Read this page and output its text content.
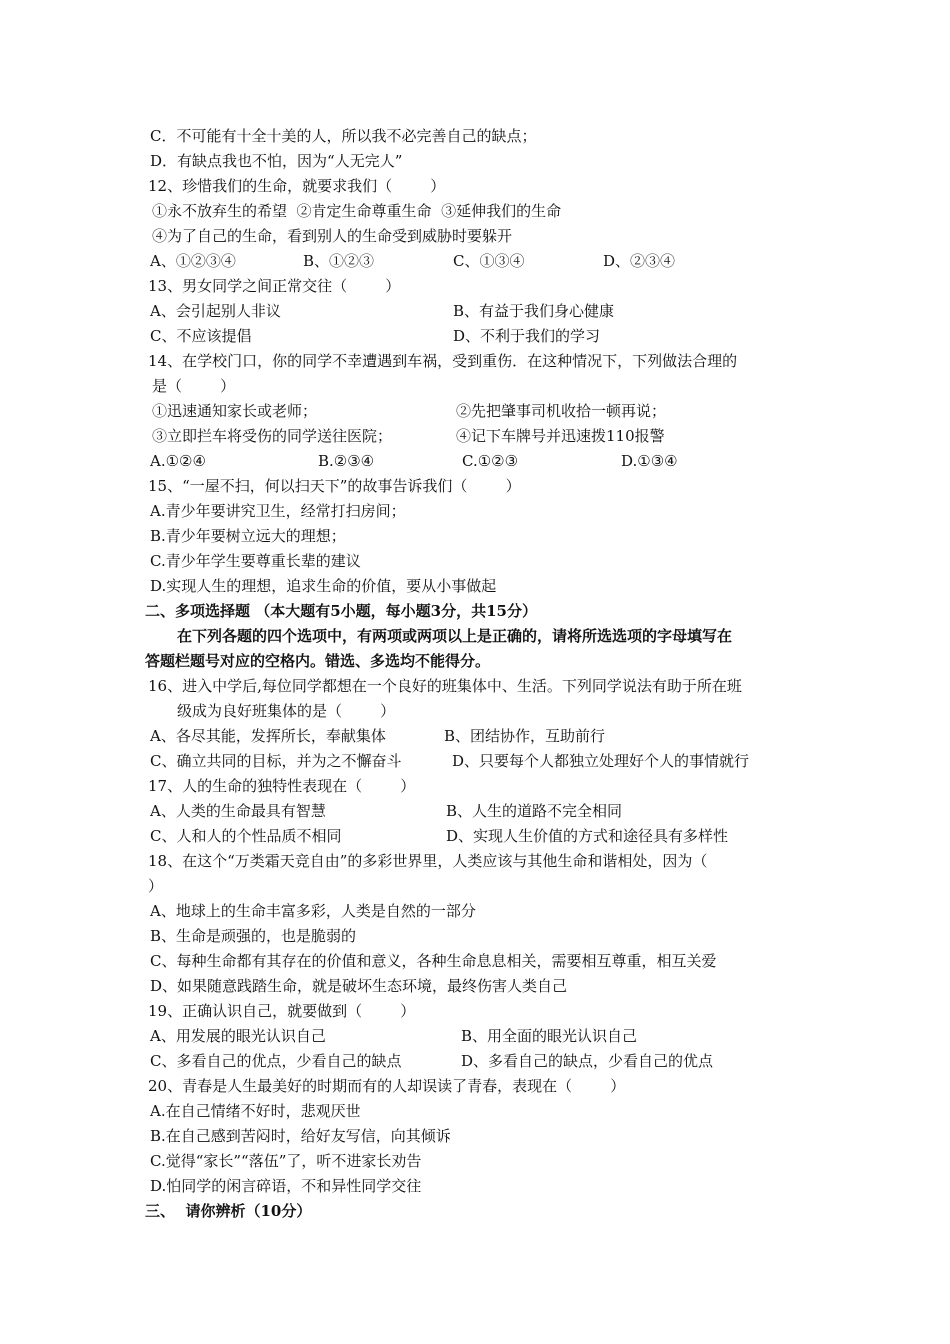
C．不可能有十全十美的人，所以我不必完善自己的缺点；
D．有缺点我也不怕，因为“人无完人”
12、珍惜我们的生命，就要求我们（        ）
①永不放弃生的希望  ②肯定生命尊重生命  ③延伸我们的生命
④为了自己的生命，看到别人的生命受到威胁时要躲开
A、①②③④	B、①②③	C、①③④	D、②③④
13、男女同学之间正常交往（        ）
A、会引起别人非议	B、有益于我们身心健康
C、不应该提倡	D、不利于我们的学习
14、在学校门口，你的同学不幸遭遇到车祸，受到重伤．在这种情况下，下列做法合理的
是（        ）
①迅速通知家长或老师；	②先把肇事司机收拾一顿再说；
③立即拦车将受伤的同学送往医院；	④记下车牌号并迅速拨110报警
A.①②④	B.②③④	C.①②③	D.①③④
15、“一屋不扫，何以扫天下”的故事告诉我们（        ）
A.青少年要讲究卫生，经常打扫房间；
B.青少年要树立远大的理想；
C.青少年学生要尊重长辈的建议
D.实现人生的理想，追求生命的价值，要从小事做起
二、多项选择题 （本大题有5小题，每小题3分，共15分）
在下列各题的四个选项中，有两项或两项以上是正确的，请将所选选项的字母填写在
答题栏题号对应的空格内。错选、多选均不能得分。
16、进入中学后,每位同学都想在一个良好的班集体中、生活。下列同学说法有助于所在班
级成为良好班集体的是（        ）
A、各尽其能，发挥所长，奉献集体	B、团结协作，互助前行
C、确立共同的目标，并为之不懈奋斗	D、只要每个人都独立处理好个人的事情就行
17、人的生命的独特性表现在（        ）
A、人类的生命最具有智慧	B、人生的道路不完全相同
C、人和人的个性品质不相同	D、实现人生价值的方式和途径具有多样性
18、在这个“万类霜天竞自由”的多彩世界里，人类应该与其他生命和谐相处，因为（
）
A、地球上的生命丰富多彩，人类是自然的一部分
B、生命是顽强的，也是脆弱的
C、每种生命都有其存在的价值和意义，各种生命息息相关，需要相互尊重，相互关爱
D、如果随意践踏生命，就是破坏生态环境，最终伤害人类自己
19、正确认识自己，就要做到（        ）
A、用发展的眼光认识自己	B、用全面的眼光认识自己
C、多看自己的优点，少看自己的缺点	D、多看自己的缺点，少看自己的优点
20、青春是人生最美好的时期而有的人却误读了青春，表现在（        ）
A.在自己情绪不好时，悲观厌世
B.在自己感到苦闷时，给好友写信，向其倾诉
C.觉得“家长”“落伍”了，听不进家长劝告
D.怕同学的闲言碎语，不和异性同学交往
三、  请你辨析（10分）
